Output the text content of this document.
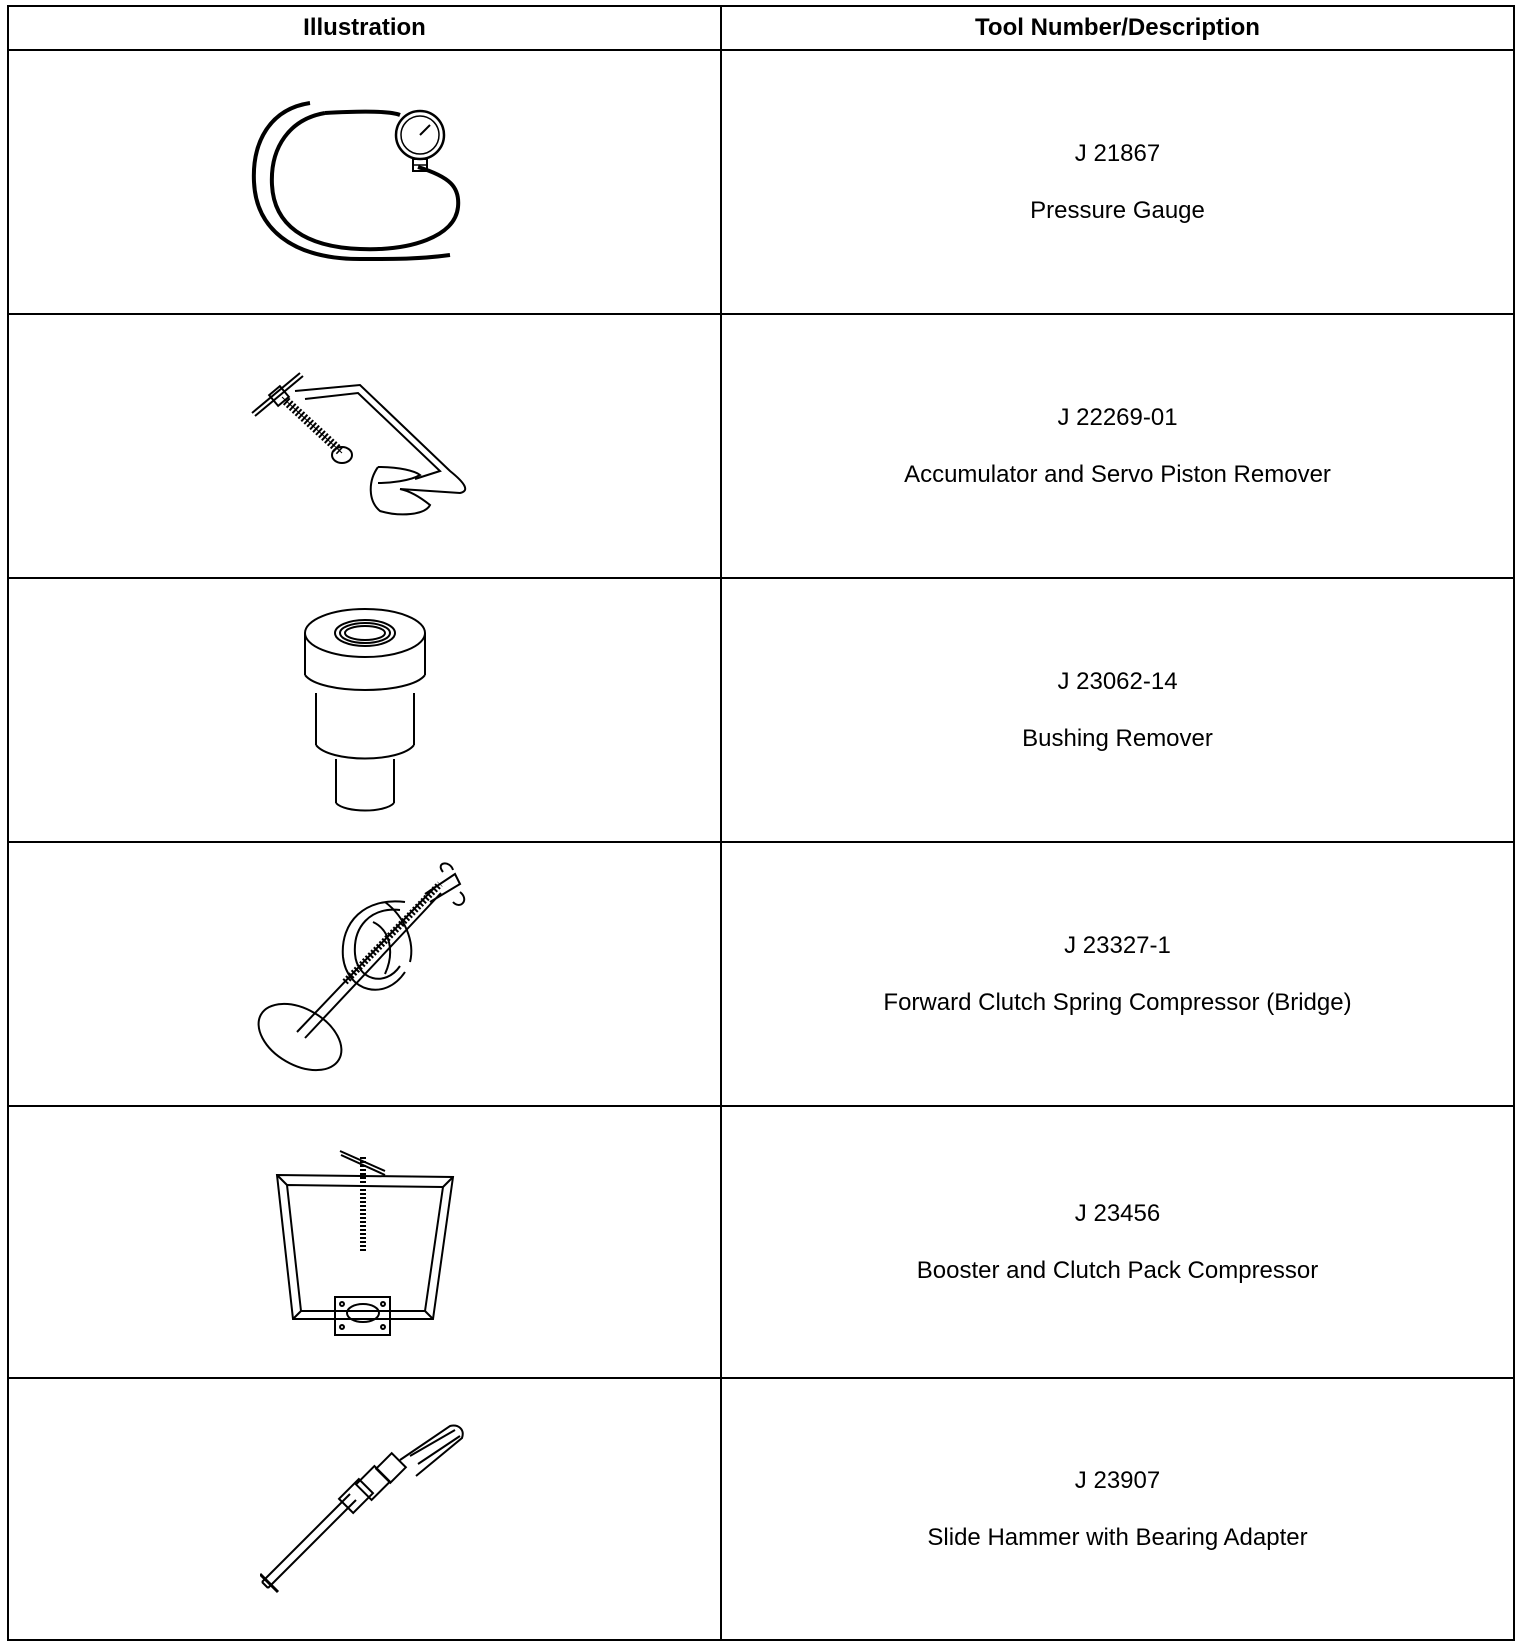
Illustration	Tool Number/Description

J 21867
Pressure Gauge

J 22269-01
Accumulator and Servo Piston Remover

J 23062-14
Bushing Remover

J 23327-1
Forward Clutch Spring Compressor (Bridge)

J 23456
Booster and Clutch Pack Compressor

J 23907
Slide Hammer with Bearing Adapter
